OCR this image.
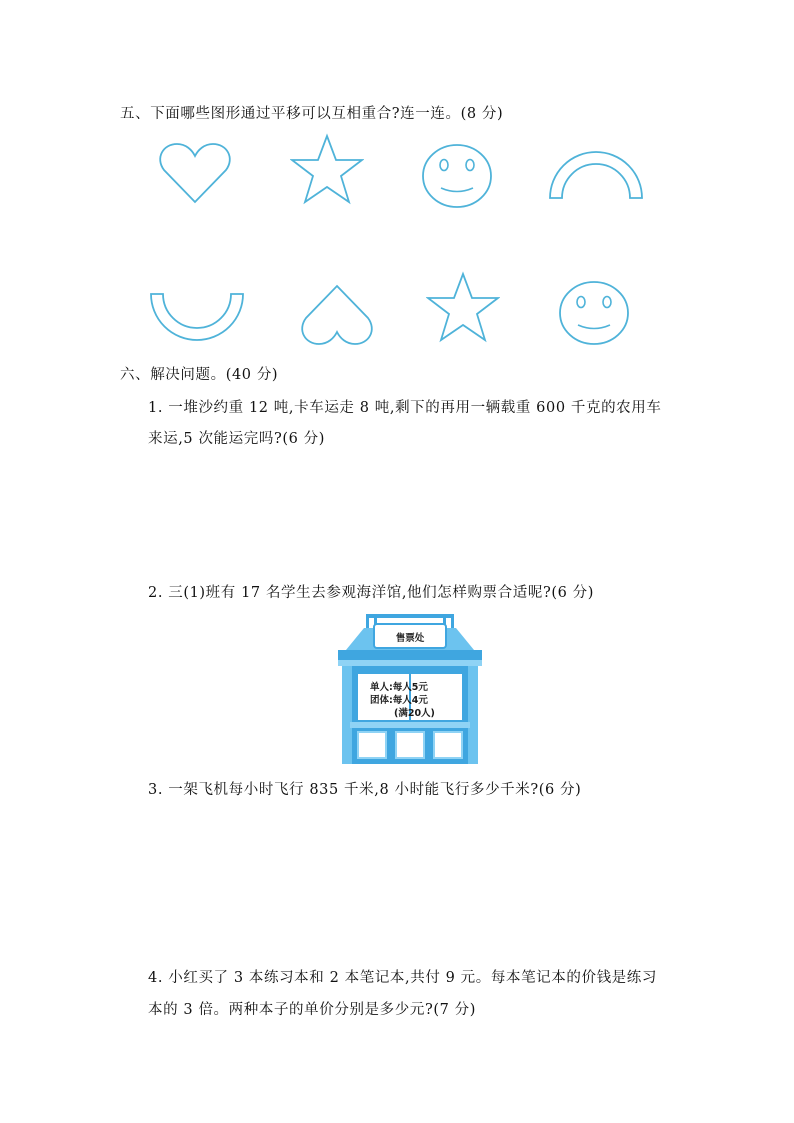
五、下面哪些图形通过平移可以互相重合?连一连。(8 分)
六、解决问题。(40 分)
1. 一堆沙约重 12 吨,卡车运走 8 吨,剩下的再用一辆载重 600 千克的农用车
来运,5 次能运完吗?(6 分)
2. 三(1)班有 17 名学生去参观海洋馆,他们怎样购票合适呢?(6 分)
售票处
单人:每人5元
团体:每人4元
(满20人)
3. 一架飞机每小时飞行 835 千米,8 小时能飞行多少千米?(6 分)
4. 小红买了 3 本练习本和 2 本笔记本,共付 9 元。每本笔记本的价钱是练习
本的 3 倍。两种本子的单价分别是多少元?(7 分)
